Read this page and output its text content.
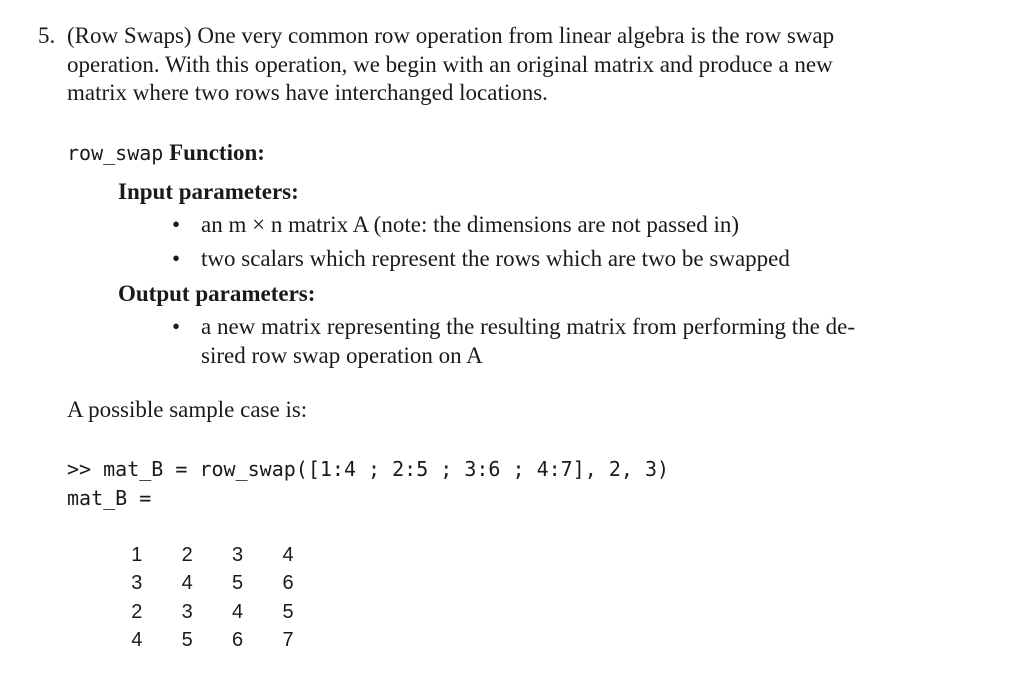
5. (Row Swaps) One very common row operation from linear algebra is the row swap
operation. With this operation, we begin with an original matrix and produce a new
matrix where two rows have interchanged locations.
row_swap Function:
Input parameters:
• an m × n matrix A (note: the dimensions are not passed in)
• two scalars which represent the rows which are two be swapped
Output parameters:
• a new matrix representing the resulting matrix from performing the de-
sired row swap operation on A
A possible sample case is:
>> mat_B = row_swap([1:4 ; 2:5 ; 3:6 ; 4:7], 2, 3)
mat_B =
1	2	3	4
3	4	5	6
2	3	4	5
4	5	6	7
